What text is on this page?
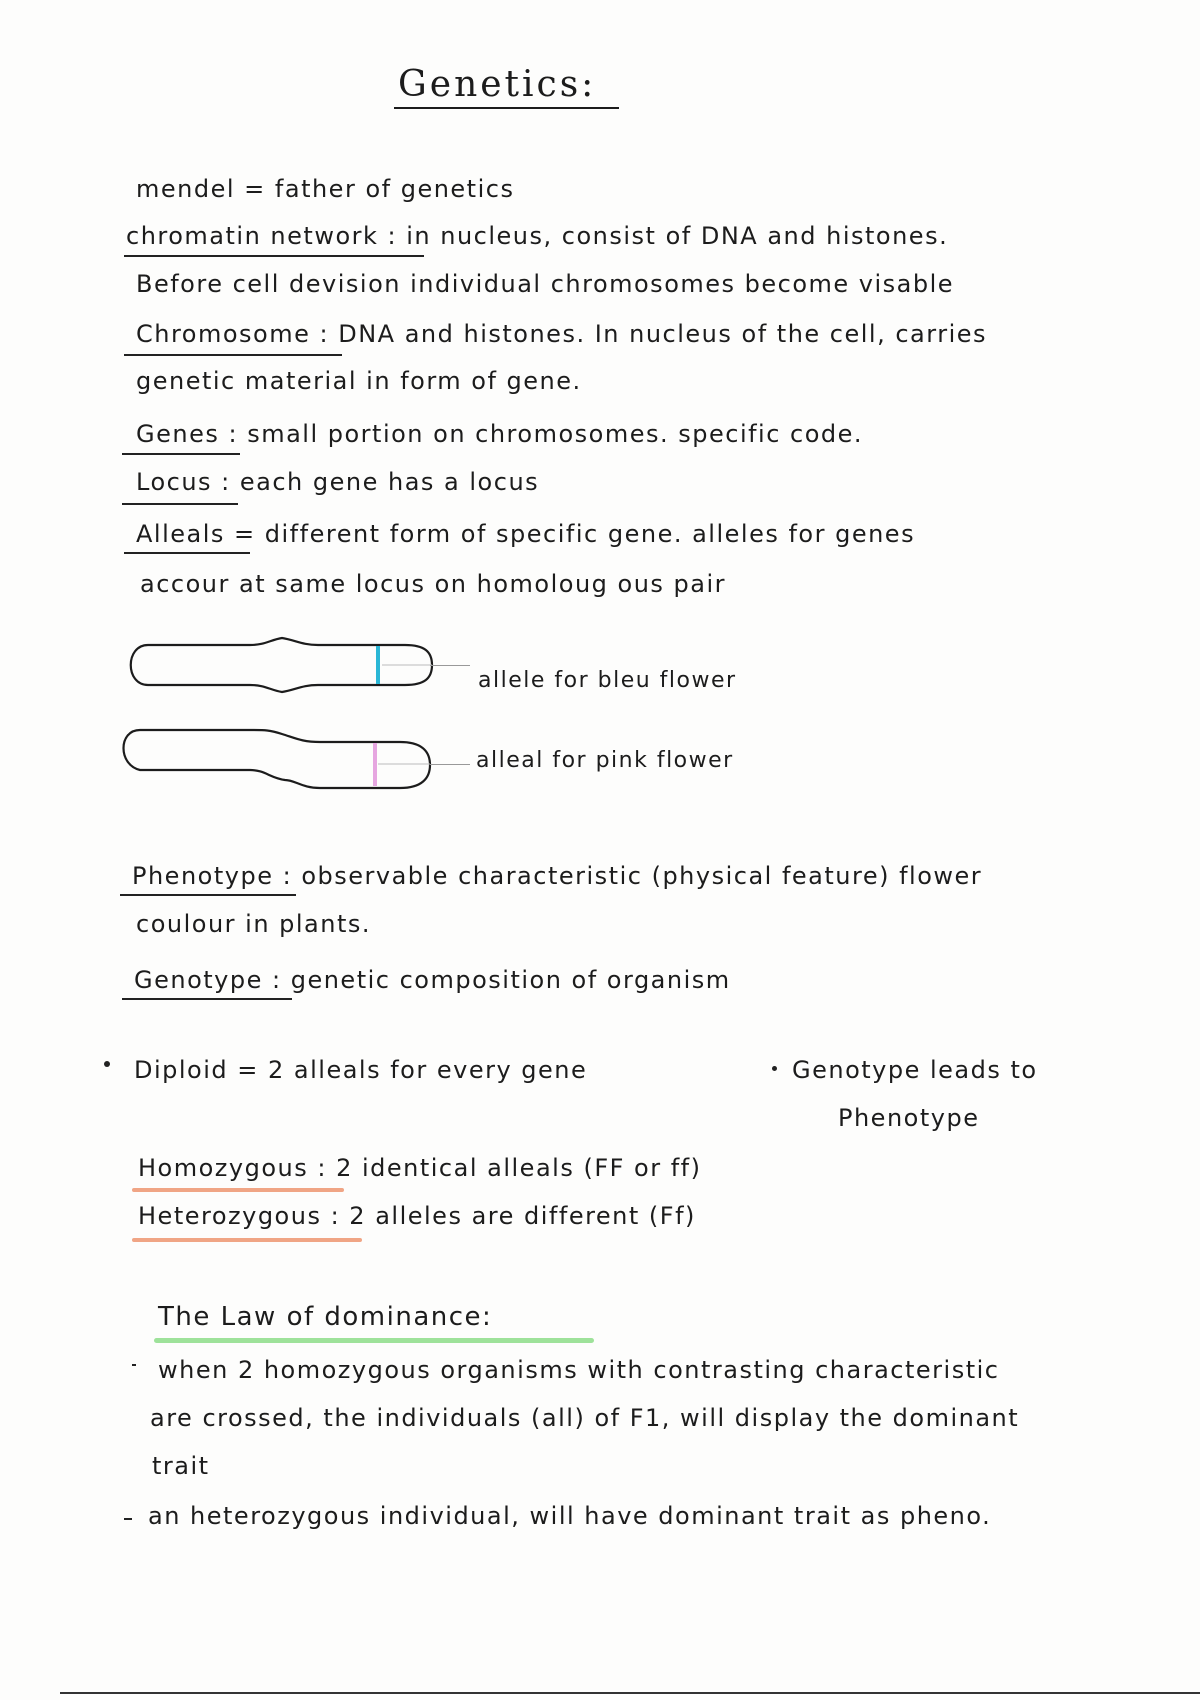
Genetics:
mendel = father of genetics
chromatin network : in nucleus, consist of DNA and histones.
Before cell devision individual chromosomes become visable
Chromosome : DNA and histones. In nucleus of the cell, carries
genetic material in form of gene.
Genes : small portion on chromosomes. specific code.
Locus : each gene has a locus
Alleals = different form of specific gene. alleles for genes
accour at same locus on homoloug ous pair
allele for bleu flower
alleal for pink flower
Phenotype : observable characteristic (physical feature) flower
coulour in plants.
Genotype : genetic composition of organism
Diploid = 2 alleals for every gene	Genotype leads to
Phenotype
Homozygous : 2 identical alleals (FF or ff)
Heterozygous : 2 alleles are different (Ff)
The Law of dominance:
when 2 homozygous organisms with contrasting characteristic
are crossed, the individuals (all) of F1, will display the dominant
trait
an heterozygous individual, will have dominant trait as pheno.
